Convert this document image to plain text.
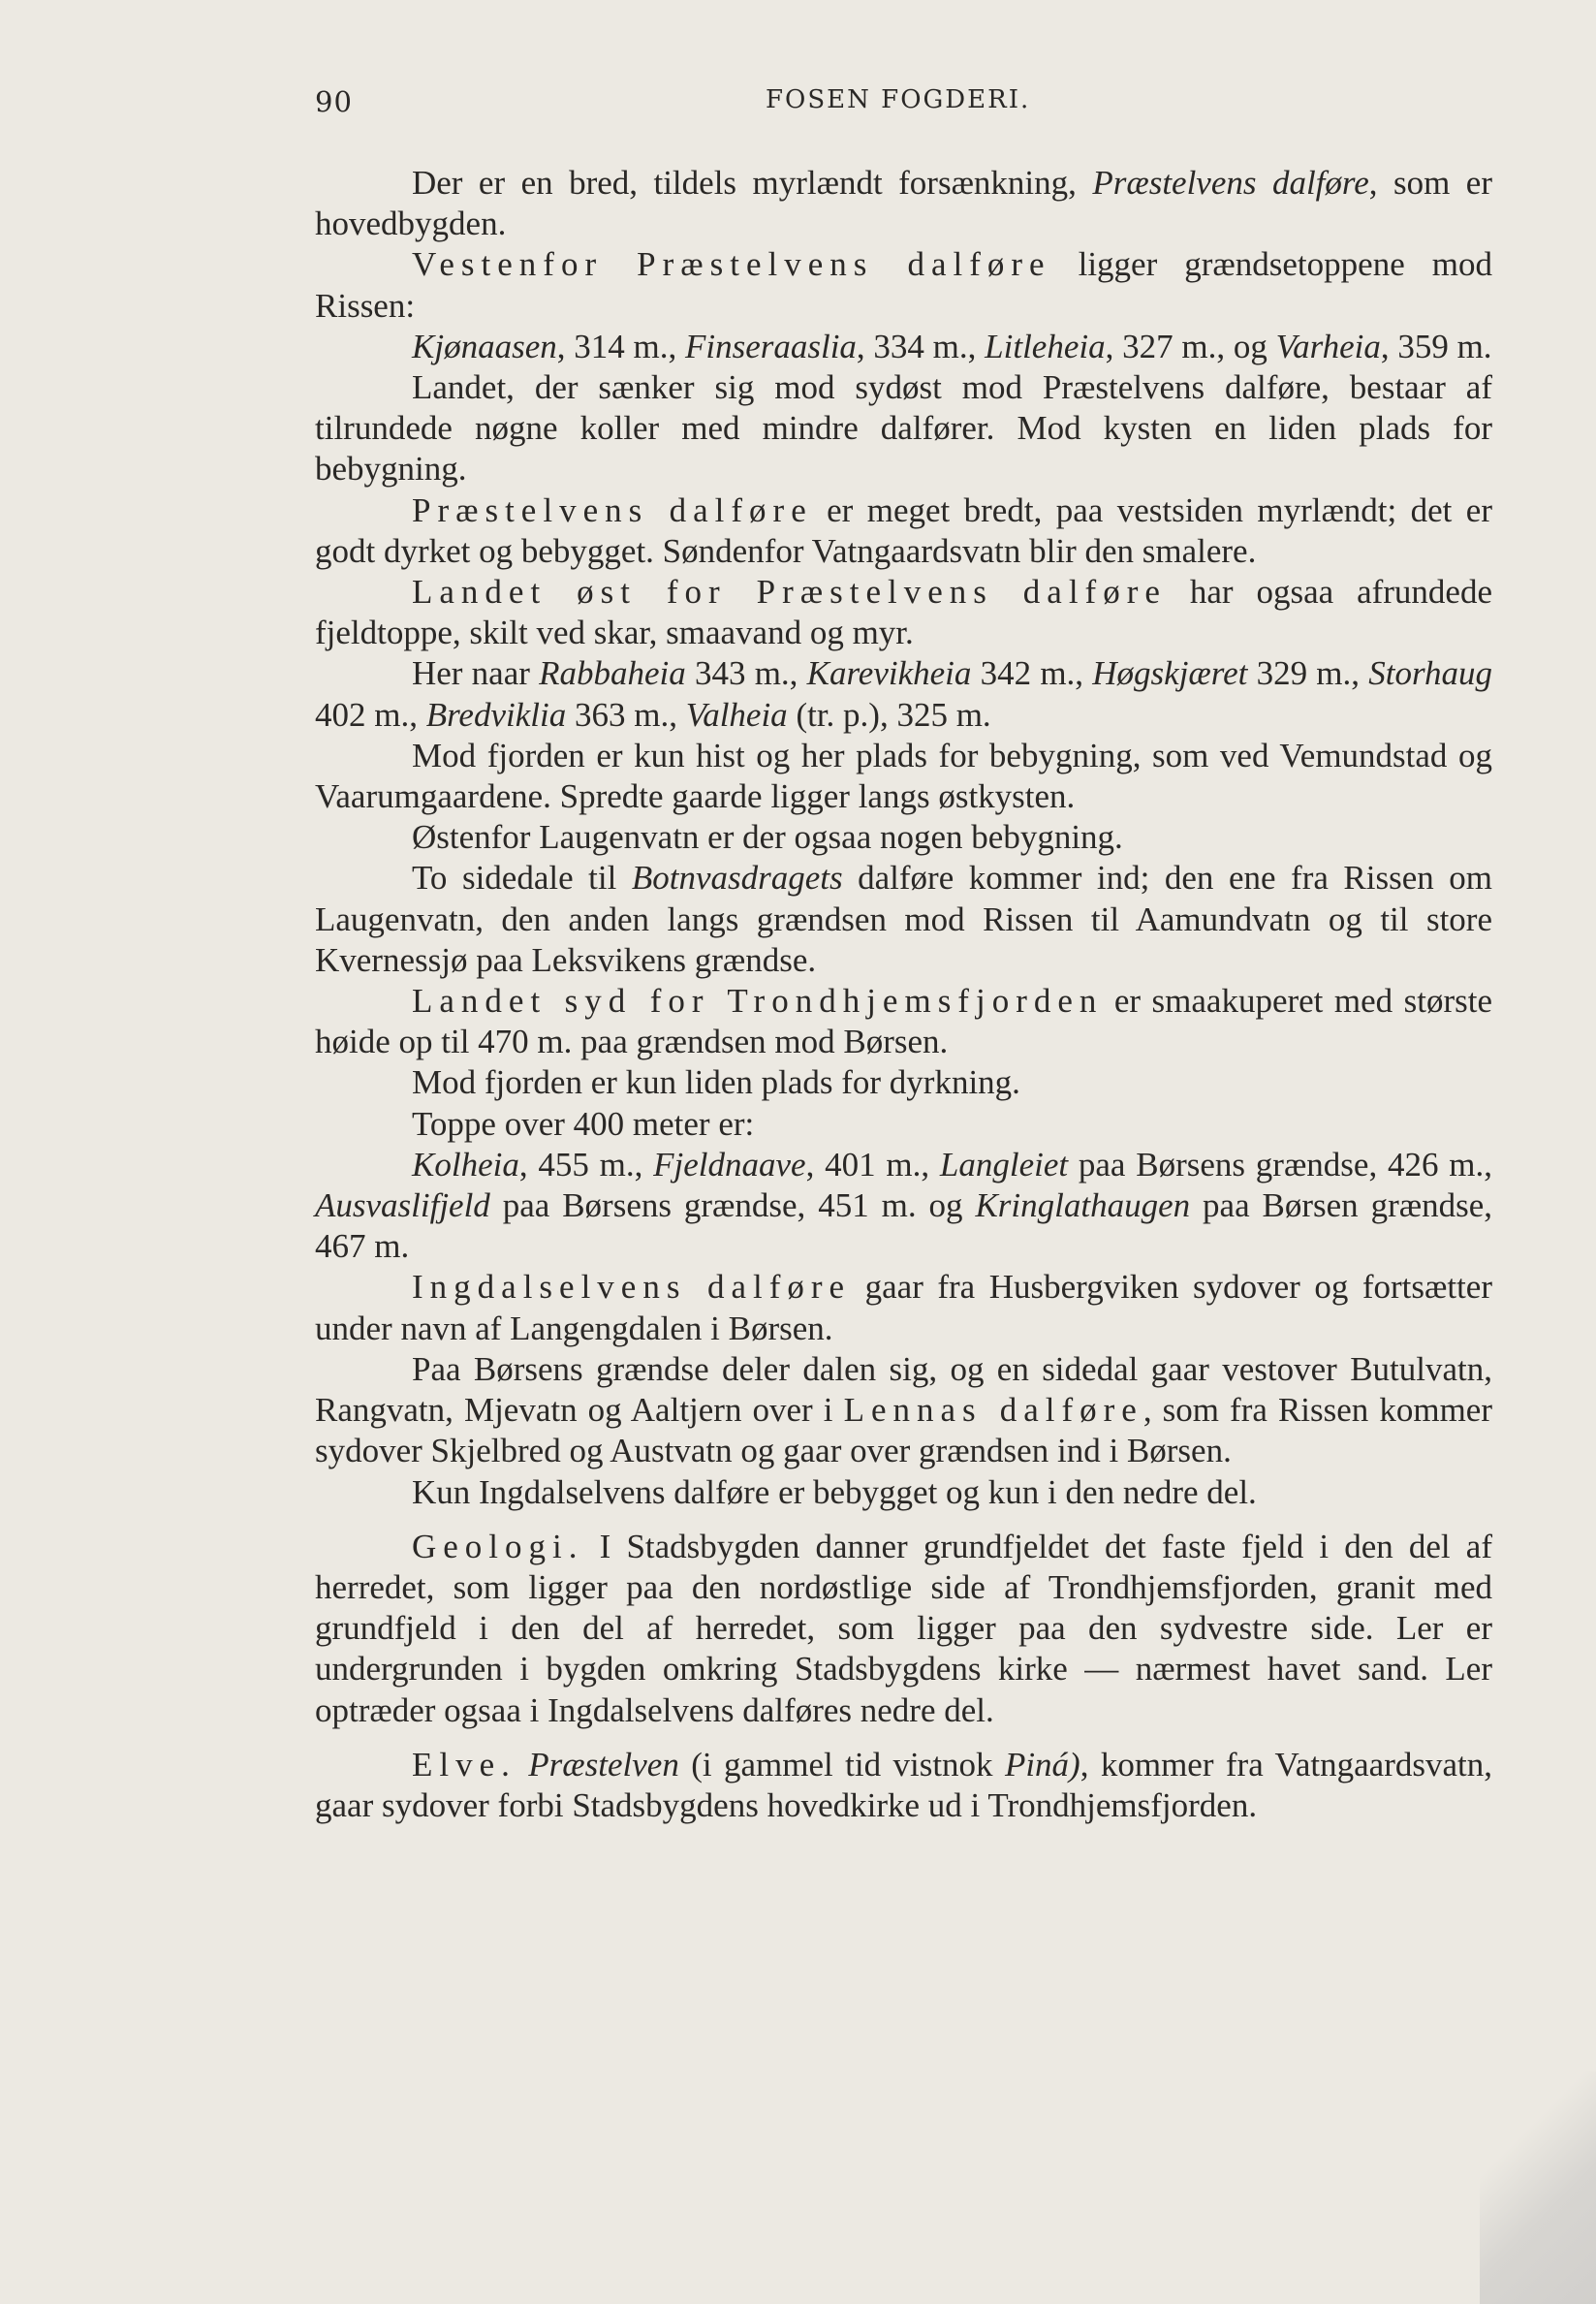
90	FOSEN FOGDERI.

Der er en bred, tildels myrlændt forsænkning, Præstelvens dalføre, som er hovedbygden.

Vestenfor Præstelvens dalføre ligger grændsetoppene mod Rissen:

Kjønaasen, 314 m., Finseraaslia, 334 m., Litleheia, 327 m., og Varheia, 359 m.

Landet, der sænker sig mod sydøst mod Præstelvens dalføre, bestaar af tilrundede nøgne koller med mindre dalfører. Mod kysten en liden plads for bebygning.

Præstelvens dalføre er meget bredt, paa vestsiden myrlændt; det er godt dyrket og bebygget. Søndenfor Vatngaardsvatn blir den smalere.

Landet øst for Præstelvens dalføre har ogsaa afrundede fjeldtoppe, skilt ved skar, smaavand og myr.

Her naar Rabbaheia 343 m., Karevikheia 342 m., Høgskjæret 329 m., Storhaug 402 m., Bredviklia 363 m., Valheia (tr. p.), 325 m.

Mod fjorden er kun hist og her plads for bebygning, som ved Vemundstad og Vaarumgaardene. Spredte gaarde ligger langs østkysten.

Østenfor Laugenvatn er der ogsaa nogen bebygning.

To sidedale til Botnvasdragets dalføre kommer ind; den ene fra Rissen om Laugenvatn, den anden langs grændsen mod Rissen til Aamundvatn og til store Kvernessjø paa Leksvikens grændse.

Landet syd for Trondhjemsfjorden er smaakuperet med største høide op til 470 m. paa grændsen mod Børsen.

Mod fjorden er kun liden plads for dyrkning.

Toppe over 400 meter er:

Kolheia, 455 m., Fjeldnaave, 401 m., Langleiet paa Børsens grændse, 426 m., Ausvaslifjeld paa Børsens grændse, 451 m. og Kringlathaugen paa Børsen grændse, 467 m.

Ingdalselvens dalføre gaar fra Husbergviken sydover og fortsætter under navn af Langengdalen i Børsen.

Paa Børsens grændse deler dalen sig, og en sidedal gaar vestover Butulvatn, Rangvatn, Mjevatn og Aaltjern over i Lennas dalføre, som fra Rissen kommer sydover Skjelbred og Austvatn og gaar over grændsen ind i Børsen.

Kun Ingdalselvens dalføre er bebygget og kun i den nedre del.

Geologi. I Stadsbygden danner grundfjeldet det faste fjeld i den del af herredet, som ligger paa den nordøstlige side af Trondhjemsfjorden, granit med grundfjeld i den del af herredet, som ligger paa den sydvestre side. Ler er undergrunden i bygden omkring Stadsbygdens kirke — nærmest havet sand. Ler optræder ogsaa i Ingdalselvens dalføres nedre del.

Elve. Præstelven (i gammel tid vistnok Piná), kommer fra Vatngaardsvatn, gaar sydover forbi Stadsbygdens hovedkirke ud i Trondhjemsfjorden.
